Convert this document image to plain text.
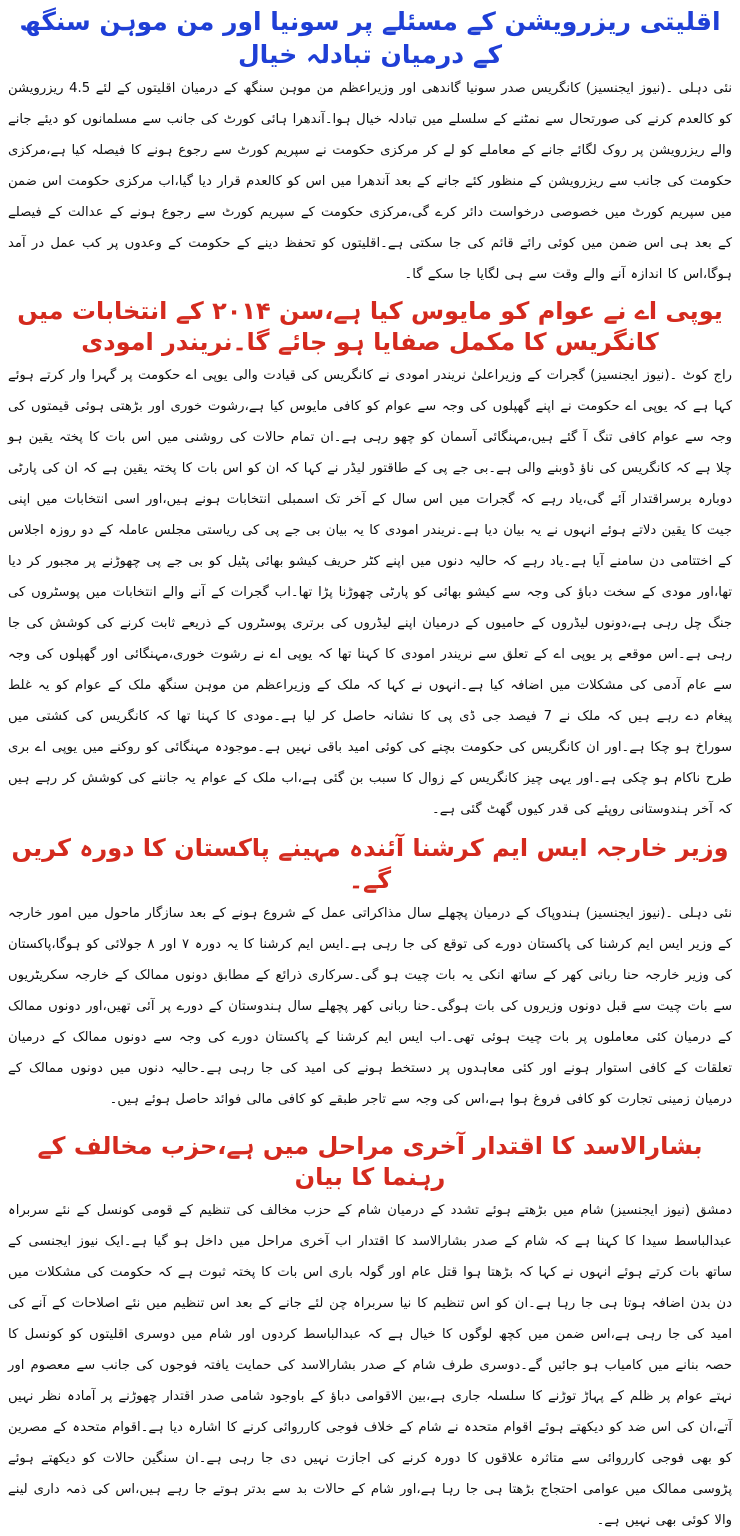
اقلیتی ریزرویشن کے مسئلے پر سونیا اور من موہن سنگھ کے درمیان تبادلہ خیال

نئی دہلی ۔(نیوز ایجنسیز) کانگریس صدر سونیا گاندھی اور وزیراعظم من موہن سنگھ کے درمیان اقلیتوں کے لئے 4.5 ریزرویشن کو کالعدم کرنے کی صورتحال سے نمٹنے کے سلسلے میں تبادلہ خیال ہوا۔آندھرا ہائی کورٹ کی جانب سے مسلمانوں کو دیئے جانے والے ریزرویشن پر روک لگائے جانے کے معاملے کو لے کر مرکزی حکومت نے سپریم کورٹ سے رجوع ہونے کا فیصلہ کیا ہے،مرکزی حکومت کی جانب سے ریزرویشن کے منظور کئے جانے کے بعد آندھرا میں اس کو کالعدم قرار دیا گیا،اب مرکزی حکومت اس ضمن میں سپریم کورٹ میں خصوصی درخواست دائر کرے گی،مرکزی حکومت کے سپریم کورٹ سے رجوع ہونے کے عدالت کے فیصلے کے بعد ہی اس ضمن میں کوئی رائے قائم کی جا سکتی ہے۔اقلیتوں کو تحفظ دینے کے حکومت کے وعدوں پر کب عمل در آمد ہوگا،اس کا اندازہ آنے والے وقت سے ہی لگایا جا سکے گا۔

یوپی اے نے عوام کو مایوس کیا ہے،سن ۲۰۱۴ کے انتخابات میں کانگریس کا مکمل صفایا ہو جائے گا۔نریندر امودی

راج کوٹ ۔(نیوز ایجنسیز) گجرات کے وزیراعلیٰ نریندر امودی نے کانگریس کی قیادت والی یوپی اے حکومت پر گہرا وار کرتے ہوئے کہا ہے کہ یوپی اے حکومت نے اپنے گھپلوں کی وجہ سے عوام کو کافی مایوس کیا ہے،رشوت خوری اور بڑھتی ہوئی قیمتوں کی وجہ سے عوام کافی تنگ آ گئے ہیں،مہنگائی آسمان کو چھو رہی ہے۔ان تمام حالات کی روشنی میں اس بات کا پختہ یقین ہو چلا ہے کہ کانگریس کی ناؤ ڈوبنے والی ہے۔بی جے پی کے طاقتور لیڈر نے کہا کہ ان کو اس بات کا پختہ یقین ہے کہ ان کی پارٹی دوبارہ برسراقتدار آئے گی،یاد رہے کہ گجرات میں اس سال کے آخر تک اسمبلی انتخابات ہونے ہیں،اور اسی انتخابات میں اپنی جیت کا یقین دلاتے ہوئے انہوں نے یہ بیان دیا ہے۔نریندر امودی کا یہ بیان بی جے پی کی ریاستی مجلس عاملہ کے دو روزہ اجلاس کے اختتامی دن سامنے آیا ہے۔یاد رہے کہ حالیہ دنوں میں اپنے کٹر حریف کیشو بھائی پٹیل کو بی جے پی چھوڑنے پر مجبور کر دیا تھا،اور مودی کے سخت دباؤ کی وجہ سے کیشو بھائی کو پارٹی چھوڑنا پڑا تھا۔اب گجرات کے آنے والے انتخابات میں پوسٹروں کی جنگ چل رہی ہے،دونوں لیڈروں کے حامیوں کے درمیان اپنے لیڈروں کی برتری پوسٹروں کے ذریعے ثابت کرنے کی کوشش کی جا رہی ہے۔اس موقعے پر یوپی اے کے تعلق سے نریندر امودی کا کہنا تھا کہ یوپی اے نے رشوت خوری،مہنگائی اور گھپلوں کی وجہ سے عام آدمی کی مشکلات میں اضافہ کیا ہے۔انہوں نے کہا کہ ملک کے وزیراعظم من موہن سنگھ ملک کے عوام کو یہ غلط پیغام دے رہے ہیں کہ ملک نے 7 فیصد جی ڈی پی کا نشانہ حاصل کر لیا ہے۔مودی کا کہنا تھا کہ کانگریس کی کشتی میں سوراخ ہو چکا ہے۔اور ان کانگریس کی حکومت بچنے کی کوئی امید باقی نہیں ہے۔موجودہ مہنگائی کو روکنے میں یوپی اے بری طرح ناکام ہو چکی ہے۔اور یہی چیز کانگریس کے زوال کا سبب بن گئی ہے،اب ملک کے عوام یہ جاننے کی کوشش کر رہے ہیں کہ آخر ہندوستانی روپئے کی قدر کیوں گھٹ گئی ہے۔

وزیر خارجہ ایس ایم کرشنا آئندہ مہینے پاکستان کا دورہ کریں گے۔

نئی دہلی ۔(نیوز ایجنسیز) ہندوپاک کے درمیان پچھلے سال مذاکراتی عمل کے شروع ہونے کے بعد سازگار ماحول میں امور خارجہ کے وزیر ایس ایم کرشنا کی پاکستان دورے کی توقع کی جا رہی ہے۔ایس ایم کرشنا کا یہ دورہ ۷ اور ۸ جولائی کو ہوگا،پاکستان کی وزیر خارجہ حنا ربانی کھر کے ساتھ انکی یہ بات چیت ہو گی۔سرکاری ذرائع کے مطابق دونوں ممالک کے خارجہ سکریٹریوں سے بات چیت سے قبل دونوں وزیروں کی بات ہوگی۔حنا ربانی کھر پچھلے سال ہندوستان کے دورے پر آئی تھیں،اور دونوں ممالک کے درمیان کئی معاملوں پر بات چیت ہوئی تھی۔اب ایس ایم کرشنا کے پاکستان دورے کی وجہ سے دونوں ممالک کے درمیان تعلقات کے کافی استوار ہونے اور کئی معاہدوں پر دستخط ہونے کی امید کی جا رہی ہے۔حالیہ دنوں میں دونوں ممالک کے درمیان زمینی تجارت کو کافی فروغ ہوا ہے،اس کی وجہ سے تاجر طبقے کو کافی مالی فوائد حاصل ہوئے ہیں۔

بشارالاسد کا اقتدار آخری مراحل میں ہے،حزب مخالف کے رہنما کا بیان

دمشق (نیوز ایجنسیز) شام میں بڑھتے ہوئے تشدد کے درمیان شام کے حزب مخالف کی تنظیم کے قومی کونسل کے نئے سربراہ عبدالباسط سیدا کا کہنا ہے کہ شام کے صدر بشارالاسد کا اقتدار اب آخری مراحل میں داخل ہو گیا ہے۔ایک نیوز ایجنسی کے ساتھ بات کرتے ہوئے انہوں نے کہا کہ بڑھتا ہوا قتل عام اور گولہ باری اس بات کا پختہ ثبوت ہے کہ حکومت کی مشکلات میں دن بدن اضافہ ہوتا ہی جا رہا ہے۔ان کو اس تنظیم کا نیا سربراہ چن لئے جانے کے بعد اس تنظیم میں نئے اصلاحات کے آنے کی امید کی جا رہی ہے،اس ضمن میں کچھ لوگوں کا خیال ہے کہ عبدالباسط کردوں اور شام میں دوسری اقلیتوں کو کونسل کا حصہ بنانے میں کامیاب ہو جائیں گے۔دوسری طرف شام کے صدر بشارالاسد کی حمایت یافتہ فوجوں کی جانب سے معصوم اور نہتے عوام پر ظلم کے پہاڑ توڑنے کا سلسلہ جاری ہے،بین الاقوامی دباؤ کے باوجود شامی صدر اقتدار چھوڑنے پر آمادہ نظر نہیں آتے،ان کی اس ضد کو دیکھتے ہوئے اقوام متحدہ نے شام کے خلاف فوجی کارروائی کرنے کا اشارہ دیا ہے۔اقوام متحدہ کے مصرین کو بھی فوجی کارروائی سے متاثرہ علاقوں کا دورہ کرنے کی اجازت نہیں دی جا رہی ہے۔ان سنگین حالات کو دیکھتے ہوئے پڑوسی ممالک میں عوامی احتجاج بڑھتا ہی جا رہا ہے،اور شام کے حالات بد سے بدتر ہوتے جا رہے ہیں،اس کی ذمہ داری لینے والا کوئی بھی نہیں ہے۔
